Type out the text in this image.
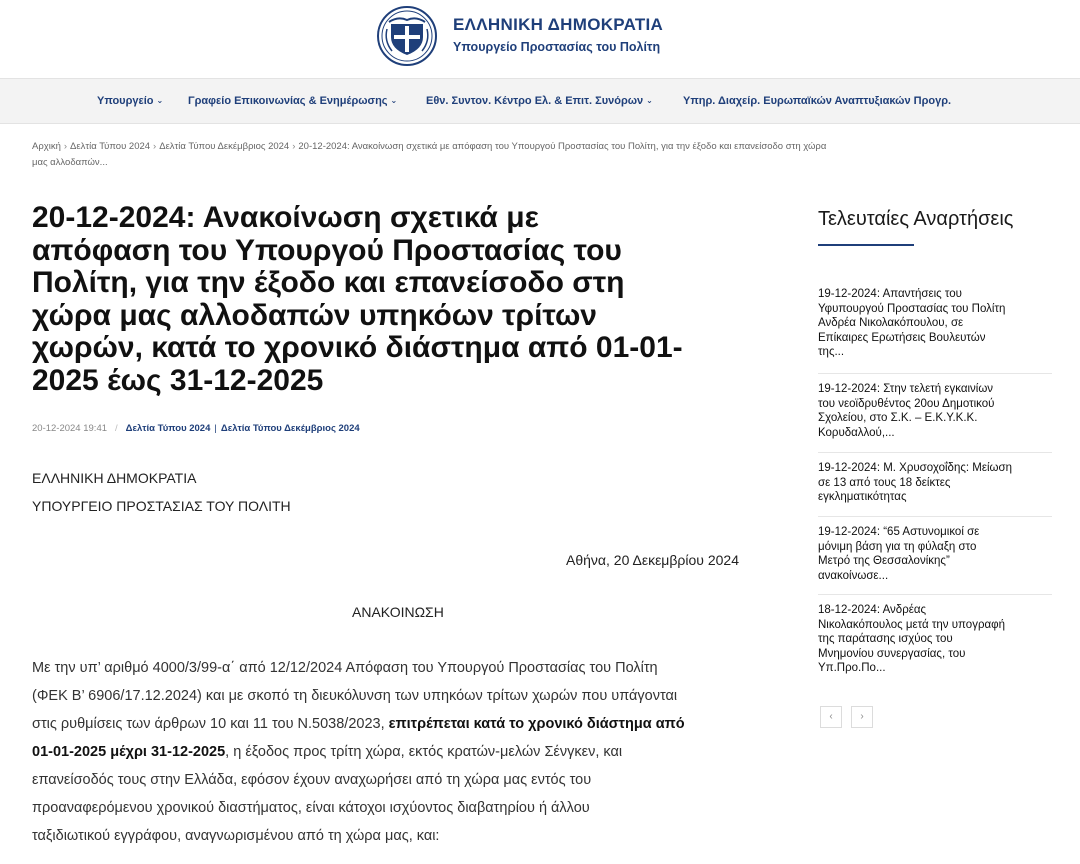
ΕΛΛΗΝΙΚΗ ΔΗΜΟΚΡΑΤΙΑ
Υπουργείο Προστασίας του Πολίτη
Υπουργείο ⌄ Γραφείο Επικοινωνίας & Ενημέρωσης ⌄	Εθν. Συντον. Κέντρο Ελ. & Επιτ. Συνόρων ⌄	Υπηρ. Διαχείρ. Ευρωπαϊκών Αναπτυξιακών Προγρ.
Αρχική › Δελτία Τύπου 2024 › Δελτία Τύπου Δεκέμβριος 2024 › 20-12-2024: Ανακοίνωση σχετικά με απόφαση του Υπουργού Προστασίας του Πολίτη, για την έξοδο και επανείσοδο στη χώρα
μας αλλοδαπών...
20-12-2024: Ανακοίνωση σχετικά με
απόφαση του Υπουργού Προστασίας του
Πολίτη, για την έξοδο και επανείσοδο στη
χώρα μας αλλοδαπών υπηκόων τρίτων
χωρών, κατά το χρονικό διάστημα από 01-01-
2025 έως 31-12-2025
20-12-2024 19:41 / Δελτία Τύπου 2024 | Δελτία Τύπου Δεκέμβριος 2024
ΕΛΛΗΝΙΚΗ ΔΗΜΟΚΡΑΤΙΑ
ΥΠΟΥΡΓΕΙΟ ΠΡΟΣΤΑΣΙΑΣ ΤΟΥ ΠΟΛΙΤΗ
Αθήνα, 20 Δεκεμβρίου 2024
ΑΝΑΚΟΙΝΩΣΗ
Με την υπ’ αριθμό 4000/3/99-α΄ από 12/12/2024 Απόφαση του Υπουργού Προστασίας του Πολίτη
(ΦΕΚ Β’ 6906/17.12.2024) και με σκοπό τη διευκόλυνση των υπηκόων τρίτων χωρών που υπάγονται
στις ρυθμίσεις των άρθρων 10 και 11 του Ν.5038/2023, επιτρέπεται κατά το χρονικό διάστημα από
01-01-2025 μέχρι 31-12-2025, η έξοδος προς τρίτη χώρα, εκτός κρατών-μελών Σένγκεν, και
επανείσοδός τους στην Ελλάδα, εφόσον έχουν αναχωρήσει από τη χώρα μας εντός του
προαναφερόμενου χρονικού διαστήματος, είναι κάτοχοι ισχύοντος διαβατηρίου ή άλλου
ταξιδιωτικού εγγράφου, αναγνωρισμένου από τη χώρα μας, και:
Τελευταίες Αναρτήσεις
19-12-2024: Απαντήσεις του
Υφυπουργού Προστασίας του Πολίτη
Ανδρέα Νικολακόπουλου, σε
Επίκαιρες Ερωτήσεις Βουλευτών
της...
19-12-2024: Στην τελετή εγκαινίων
του νεοϊδρυθέντος 20ου Δημοτικού
Σχολείου, στο Σ.Κ. – Ε.Κ.Υ.Κ.Κ.
Κορυδαλλού,...
19-12-2024: Μ. Χρυσοχοΐδης: Μείωση
σε 13 από τους 18 δείκτες
εγκληματικότητας
19-12-2024: “65 Αστυνομικοί σε
μόνιμη βάση για τη φύλαξη στο
Μετρό της Θεσσαλονίκης”
ανακοίνωσε...
18-12-2024: Ανδρέας
Νικολακόπουλος μετά την υπογραφή
της παράτασης ισχύος του
Μνημονίου συνεργασίας, του
Υπ.Προ.Πο...
‹	›
